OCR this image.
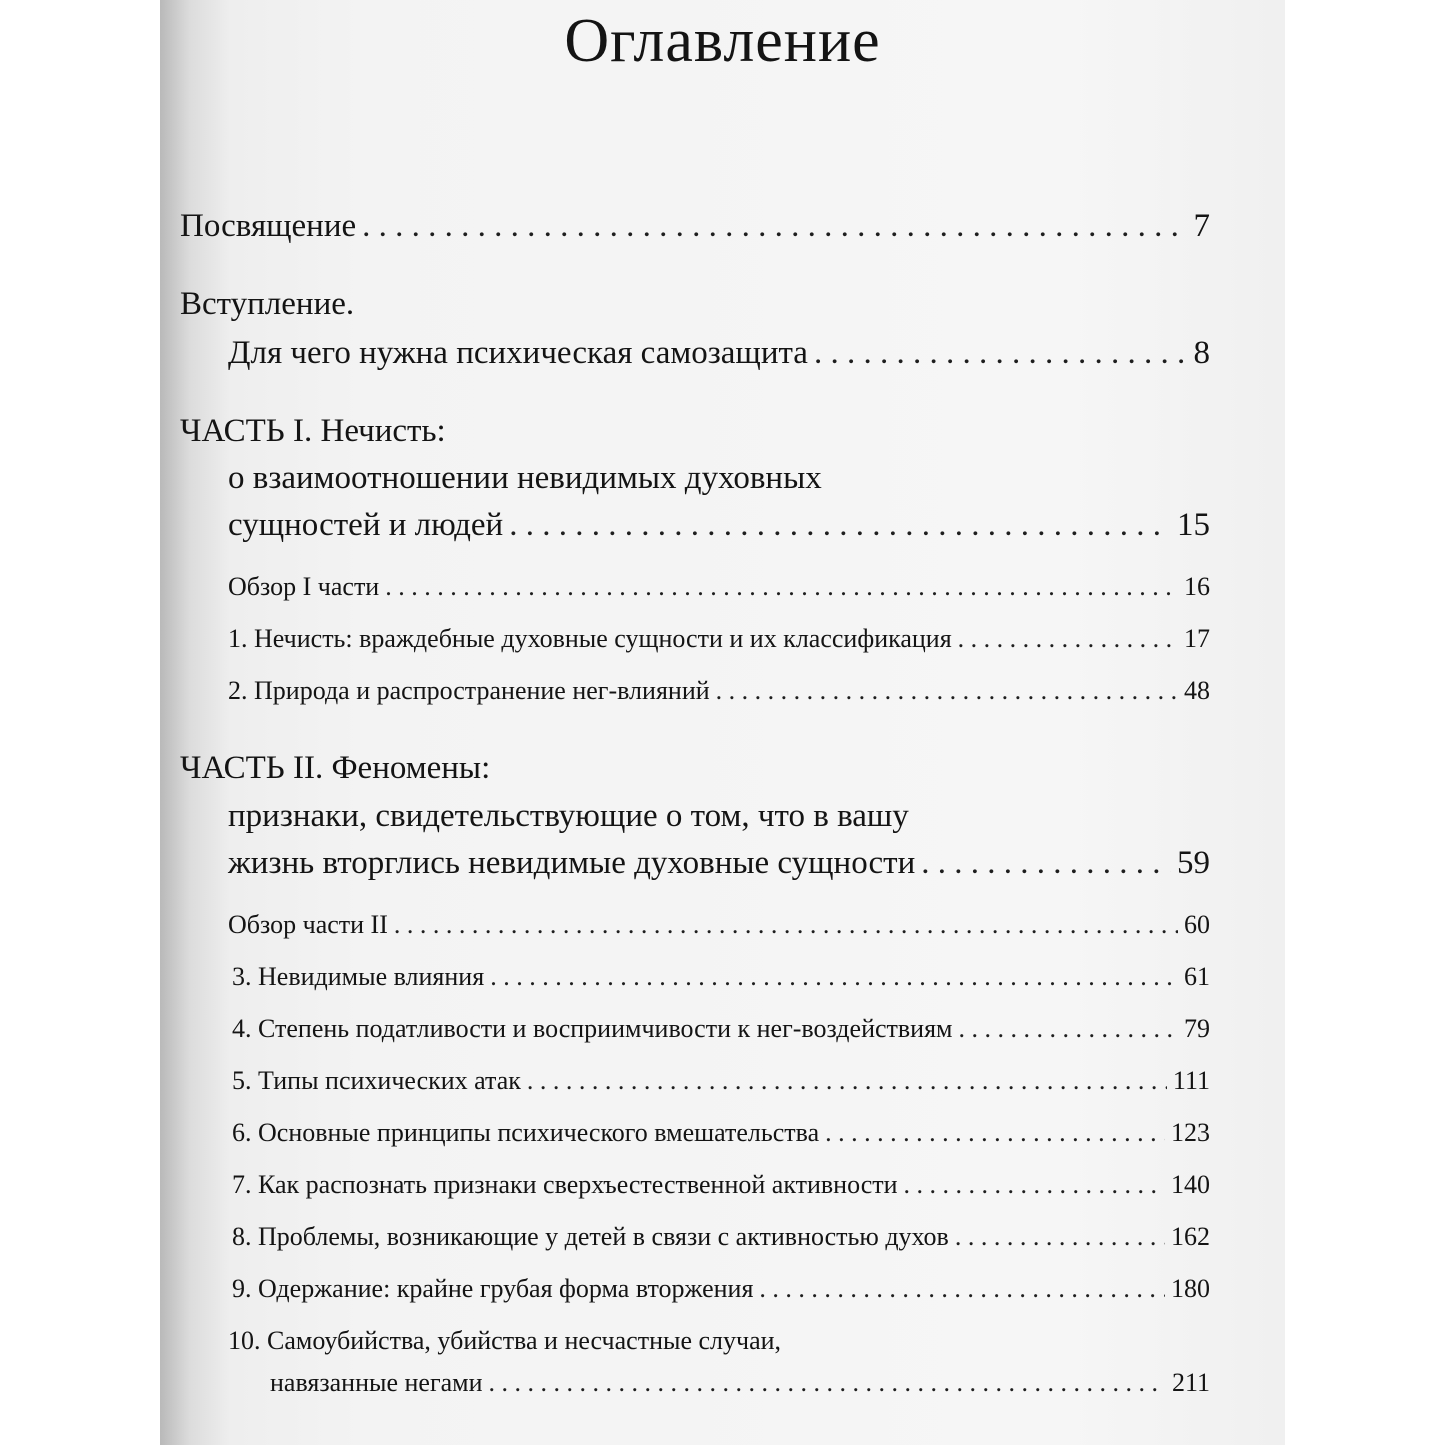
Оглавление
Посвящение . . .	7
Вступление.
Для чего нужна психическая самозащита . . .	8
ЧАСТЬ I. Нечисть:
о взаимоотношении невидимых духовных
сущностей и людей . . .	15
Обзор I части . . .	16
1. Нечисть: враждебные духовные сущности и их классификация . . .	17
2. Природа и распространение нег-влияний . . .	48
ЧАСТЬ II. Феномены:
признаки, свидетельствующие о том, что в вашу
жизнь вторглись невидимые духовные сущности . . .	59
Обзор части II . . .	60
3. Невидимые влияния . . .	61
4. Степень податливости и восприимчивости к нег-воздействиям . . .	79
5. Типы психических атак . . .	111
6. Основные принципы психического вмешательства . . .	123
7. Как распознать признаки сверхъестественной активности . . .	140
8. Проблемы, возникающие у детей в связи с активностью духов . . .	162
9. Одержание: крайне грубая форма вторжения . . .	180
10. Самоубийства, убийства и несчастные случаи,
навязанные негами . . .	211
